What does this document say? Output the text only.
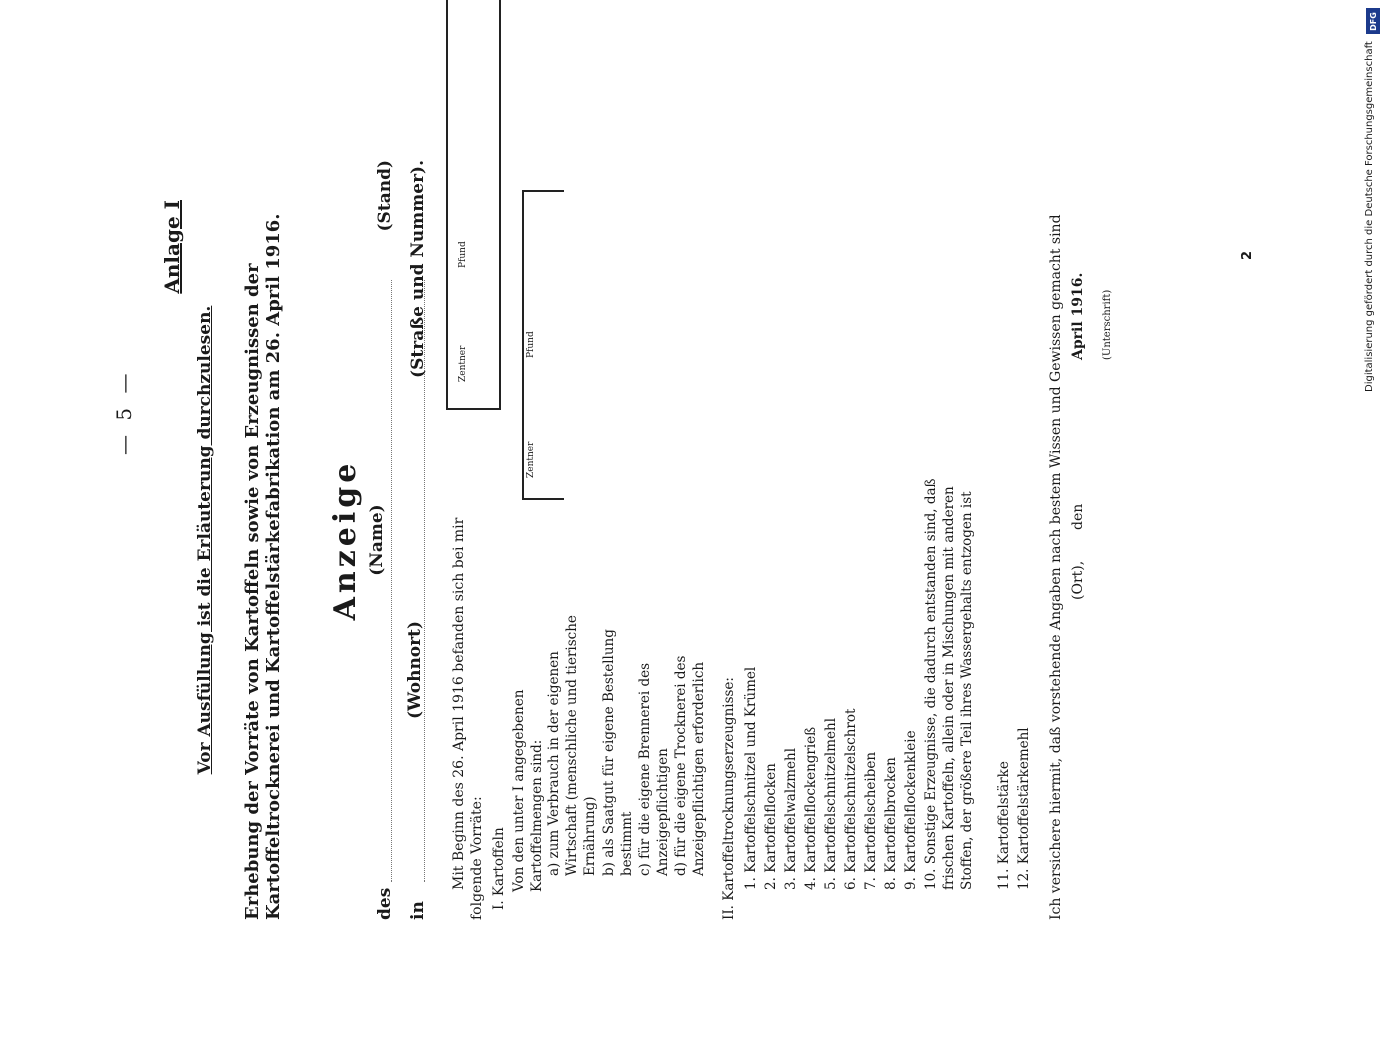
— 5 —
DFG
Digitalisierung gefördert durch die Deutsche Forschungsgemeinschaft
2
Anlage I
Vor Ausfüllung ist die Erläuterung durchzulesen. Erhebung der Vorräte von Kartoffeln sowie von Erzeugnissen der Kartoffeltrocknerei und Kartoffelstärkefabrikation am 26. April 1916. Anzeige
des
(Name)
(Stand)
in
(Wohnort)
(Straße und Nummer).
Mit Beginn des 26. April 1916 befanden sich bei mir folgende Vorräte:
Zentner
Pfund
I. Kartoffeln Von den unter I angegebenen Kartoffelmengen sind:
Zentner
Pfund
a) zum Verbrauch in der eigenen Wirtschaft (menschliche und tierische Ernährung) b) als Saatgut für eigene Bestellung bestimmt c) für die eigene Brennerei des Anzeigepflichtigen d) für die eigene Trocknerei des Anzeigepflichtigen erforderlich II. Kartoffeltrocknungserzeugnisse: 1. Kartoffelschnitzel und Krümel 2. Kartoffelflocken 3. Kartoffelwalzmehl 4. Kartoffelflockengrieß 5. Kartoffelschnitzelmehl 6. Kartoffelschnitzelschrot 7. Kartoffelscheiben 8. Kartoffelbrocken 9. Kartoffelflockenkleie 10. Sonstige Erzeugnisse, die dadurch entstanden sind, daß frischen Kartoffeln, allein oder in Mischungen mit anderen Stoffen, der größere Teil ihres Wassergehalts entzogen ist 11. Kartoffelstärke 12. Kartoffelstärkemehl Ich versichere hiermit, daß vorstehende Angaben nach bestem Wissen und Gewissen gemacht sind (Ort),
den
April 1916. (Unterschrift)
